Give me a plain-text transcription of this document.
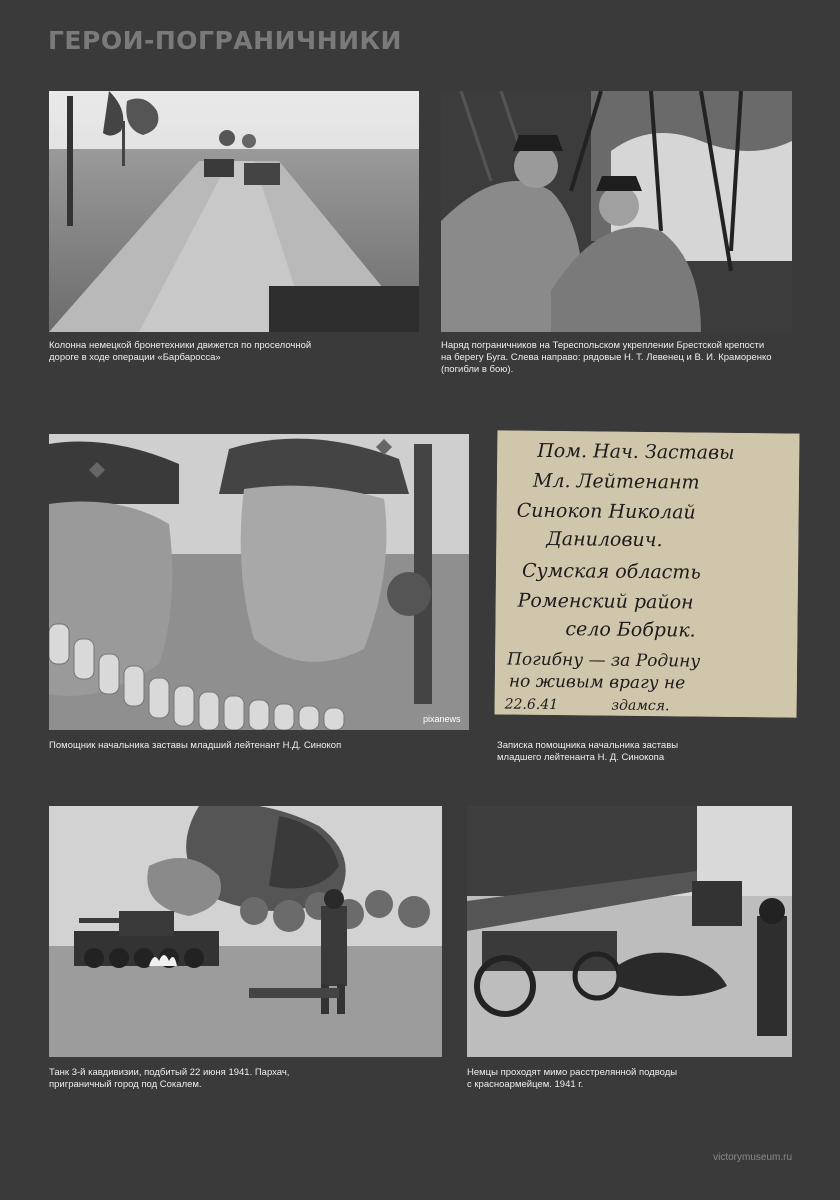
ГЕРОИ-ПОГРАНИЧНИКИ
Колонна немецкой бронетехники движется по проселочной
дороге в ходе операции «Барбаросса»
Наряд пограничников на Тереспольском укреплении Брестской крепости
на берегу Буга. Слева направо: рядовые Н. Т. Левенец и В. И. Краморенко
(погибли в бою).
pixanews
Помощник начальника заставы младший лейтенант Н.Д. Синокоп
Пом. Нач. Заставы
Мл. Лейтенант
Синокоп Николай
Данилович.
Сумская область
Роменский район
село Бобрик.
Погибну — за Родину
но живым врагу не
22.6.41            здамся.
Записка помощника начальника заставы
младшего лейтенанта Н. Д. Синокопа
Танк 3-й кавдивизии, подбитый 22 июня 1941. Пархач,
приграничный город под Сокалем.
Немцы проходят мимо расстрелянной подводы
с красноармейцем. 1941 г.
victorymuseum.ru
